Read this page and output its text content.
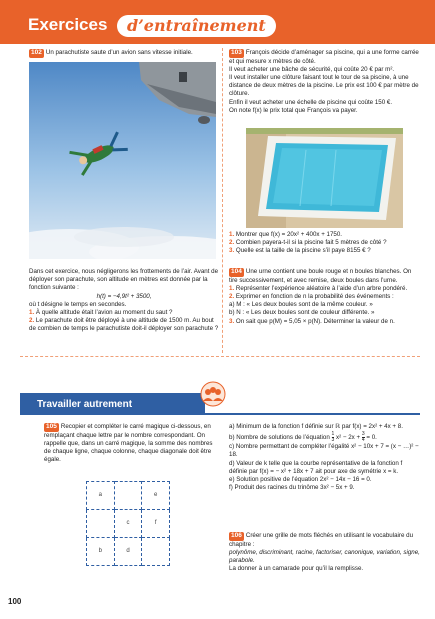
Exercices d’entraînement
102 Un parachutiste saute d’un avion sans vitesse initiale.
Dans cet exercice, nous négligerons les frottements de l’air. Avant de déployer son parachute, son altitude en mètres est donnée par la fonction suivante :
h(t) = −4,9t² + 3500,
où t désigne le temps en secondes.
1. À quelle altitude était l’avion au moment du saut ?
2. Le parachute doit être déployé à une altitude de 1500 m. Au bout de combien de temps le parachutiste doit-il déployer son parachute ?
103 François décide d’aménager sa piscine, qui a une forme carrée et qui mesure x mètres de côté.
Il veut acheter une bâche de sécurité, qui coûte 20 € par m².
Il veut installer une clôture faisant tout le tour de sa piscine, à une distance de deux mètres de la piscine. Le prix est 100 € par mètre de clôture.
Enfin il veut acheter une échelle de piscine qui coûte 150 €.
On note f(x) le prix total que François va payer.
1. Montrer que f(x) = 20x² + 400x + 1750.
2. Combien payera-t-il si la piscine fait 5 mètres de côté ?
3. Quelle est la taille de la piscine s’il paye 8155 € ?
104 Une urne contient une boule rouge et n boules blanches. On tire successivement, et avec remise, deux boules dans l’urne.
1. Représenter l’expérience aléatoire à l’aide d’un arbre pondéré.
2. Exprimer en fonction de n la probabilité des événements :
a) M : « Les deux boules sont de la même couleur. »
b) N : « Les deux boules sont de couleur différente. »
3. On sait que p(M) = 5,05 × p(N). Déterminer la valeur de n.
Travailler autrement
105 Recopier et compléter le carré magique ci-dessous, en remplaçant chaque lettre par le nombre correspondant. On rappelle que, dans un carré magique, la somme des nombres de chaque ligne, chaque colonne, chaque diagonale doit être égale.
a		e
	c	f
b	d	
a) Minimum de la fonction f définie sur ℝ par f(x) = 2x² + 4x + 8.
b) Nombre de solutions de l’équation $\frac{1}{3} x^2 - 2x + \frac{3}{4} = 0$.
c) Nombre permettant de compléter l’égalité x² − 10x + 7 = (x − …)² − 18.
d) Valeur de k telle que la courbe représentative de la fonction f définie par f(x) = − x² + 18x + 7 ait pour axe de symétrie x = k.
e) Solution positive de l’équation 2x² − 14x − 16 = 0.
f) Produit des racines du trinôme 3x² − 5x + 9.
106 Créer une grille de mots fléchés en utilisant le vocabulaire du chapitre :
polynôme, discriminant, racine, factoriser, canonique, variation, signe, parabole.
La donner à un camarade pour qu’il la remplisse.
100
